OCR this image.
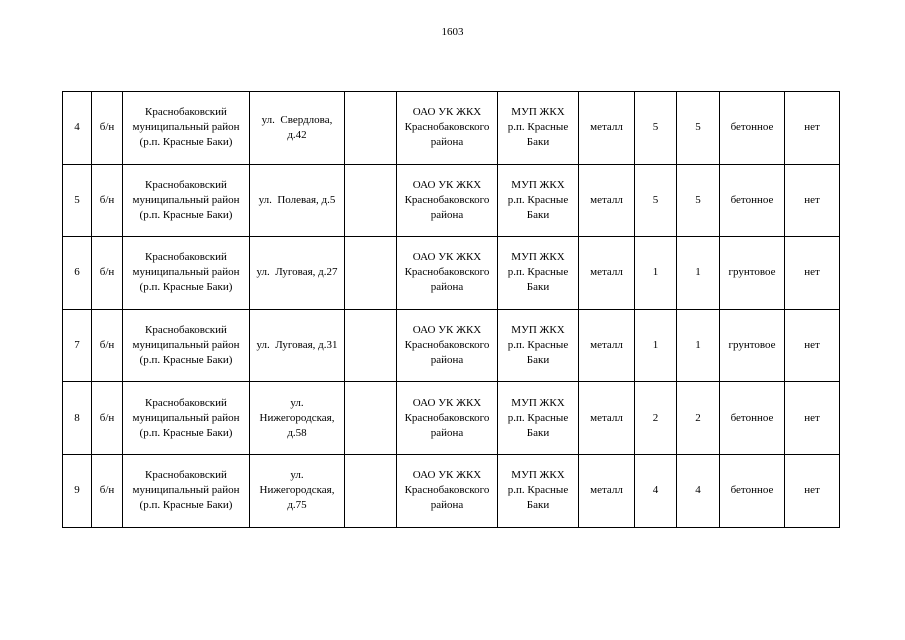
1603
4	б/н	Краснобаковский
муниципальный район
(р.п. Красные Баки)	ул.  Свердлова,
д.42		ОАО УК ЖКХ
Краснобаковского
района	МУП ЖКХ
р.п. Красные
Баки	металл	5	5	бетонное	нет
5	б/н	Краснобаковский
муниципальный район
(р.п. Красные Баки)	ул.  Полевая, д.5		ОАО УК ЖКХ
Краснобаковского
района	МУП ЖКХ
р.п. Красные
Баки	металл	5	5	бетонное	нет
6	б/н	Краснобаковский
муниципальный район
(р.п. Красные Баки)	ул.  Луговая, д.27		ОАО УК ЖКХ
Краснобаковского
района	МУП ЖКХ
р.п. Красные
Баки	металл	1	1	грунтовое	нет
7	б/н	Краснобаковский
муниципальный район
(р.п. Красные Баки)	ул.  Луговая, д.31		ОАО УК ЖКХ
Краснобаковского
района	МУП ЖКХ
р.п. Красные
Баки	металл	1	1	грунтовое	нет
8	б/н	Краснобаковский
муниципальный район
(р.п. Красные Баки)	ул.
Нижегородская,
д.58		ОАО УК ЖКХ
Краснобаковского
района	МУП ЖКХ
р.п. Красные
Баки	металл	2	2	бетонное	нет
9	б/н	Краснобаковский
муниципальный район
(р.п. Красные Баки)	ул.
Нижегородская,
д.75		ОАО УК ЖКХ
Краснобаковского
района	МУП ЖКХ
р.п. Красные
Баки	металл	4	4	бетонное	нет
